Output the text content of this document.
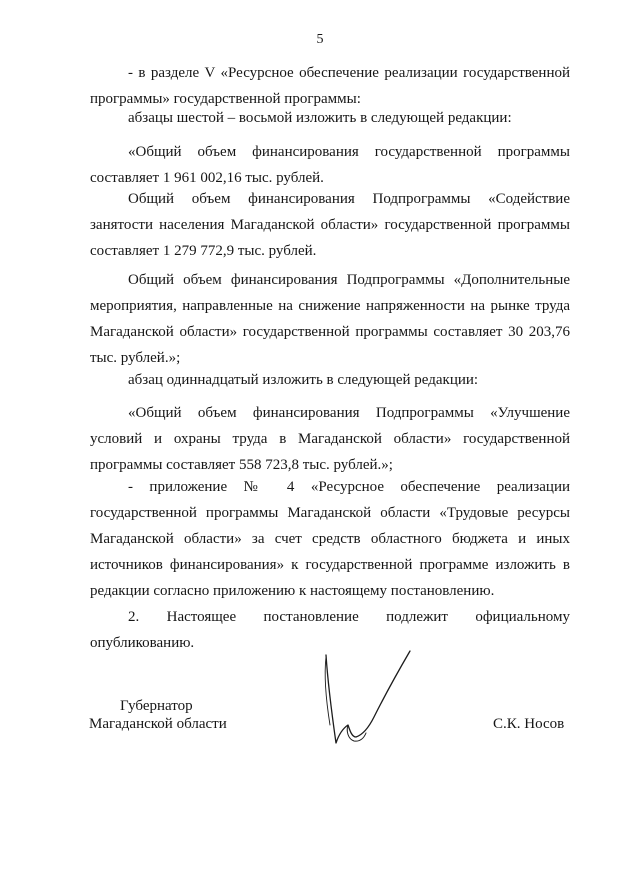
5
- в разделе V «Ресурсное обеспечение реализации государственной программы» государственной программы:
абзацы шестой – восьмой изложить в следующей редакции:
«Общий объем финансирования государственной программы составляет 1 961 002,16 тыс. рублей.
Общий объем финансирования Подпрограммы «Содействие занятости населения Магаданской области» государственной программы составляет 1 279 772,9 тыс. рублей.
Общий объем финансирования Подпрограммы «Дополнительные мероприятия, направленные на снижение напряженности на рынке труда Магаданской области» государственной программы составляет 30 203,76 тыс. рублей.»;
абзац одиннадцатый изложить в следующей редакции:
«Общий объем финансирования Подпрограммы «Улучшение условий и охраны труда в Магаданской области» государственной программы составляет 558 723,8 тыс. рублей.»;
- приложение № 4 «Ресурсное обеспечение реализации государственной программы Магаданской области «Трудовые ресурсы Магаданской области» за счет средств областного бюджета и иных источников финансирования» к государственной программе изложить в редакции согласно приложению к настоящему постановлению.
2. Настоящее постановление подлежит официальному опубликованию.
Губернатор
Магаданской области	С.К. Носов
